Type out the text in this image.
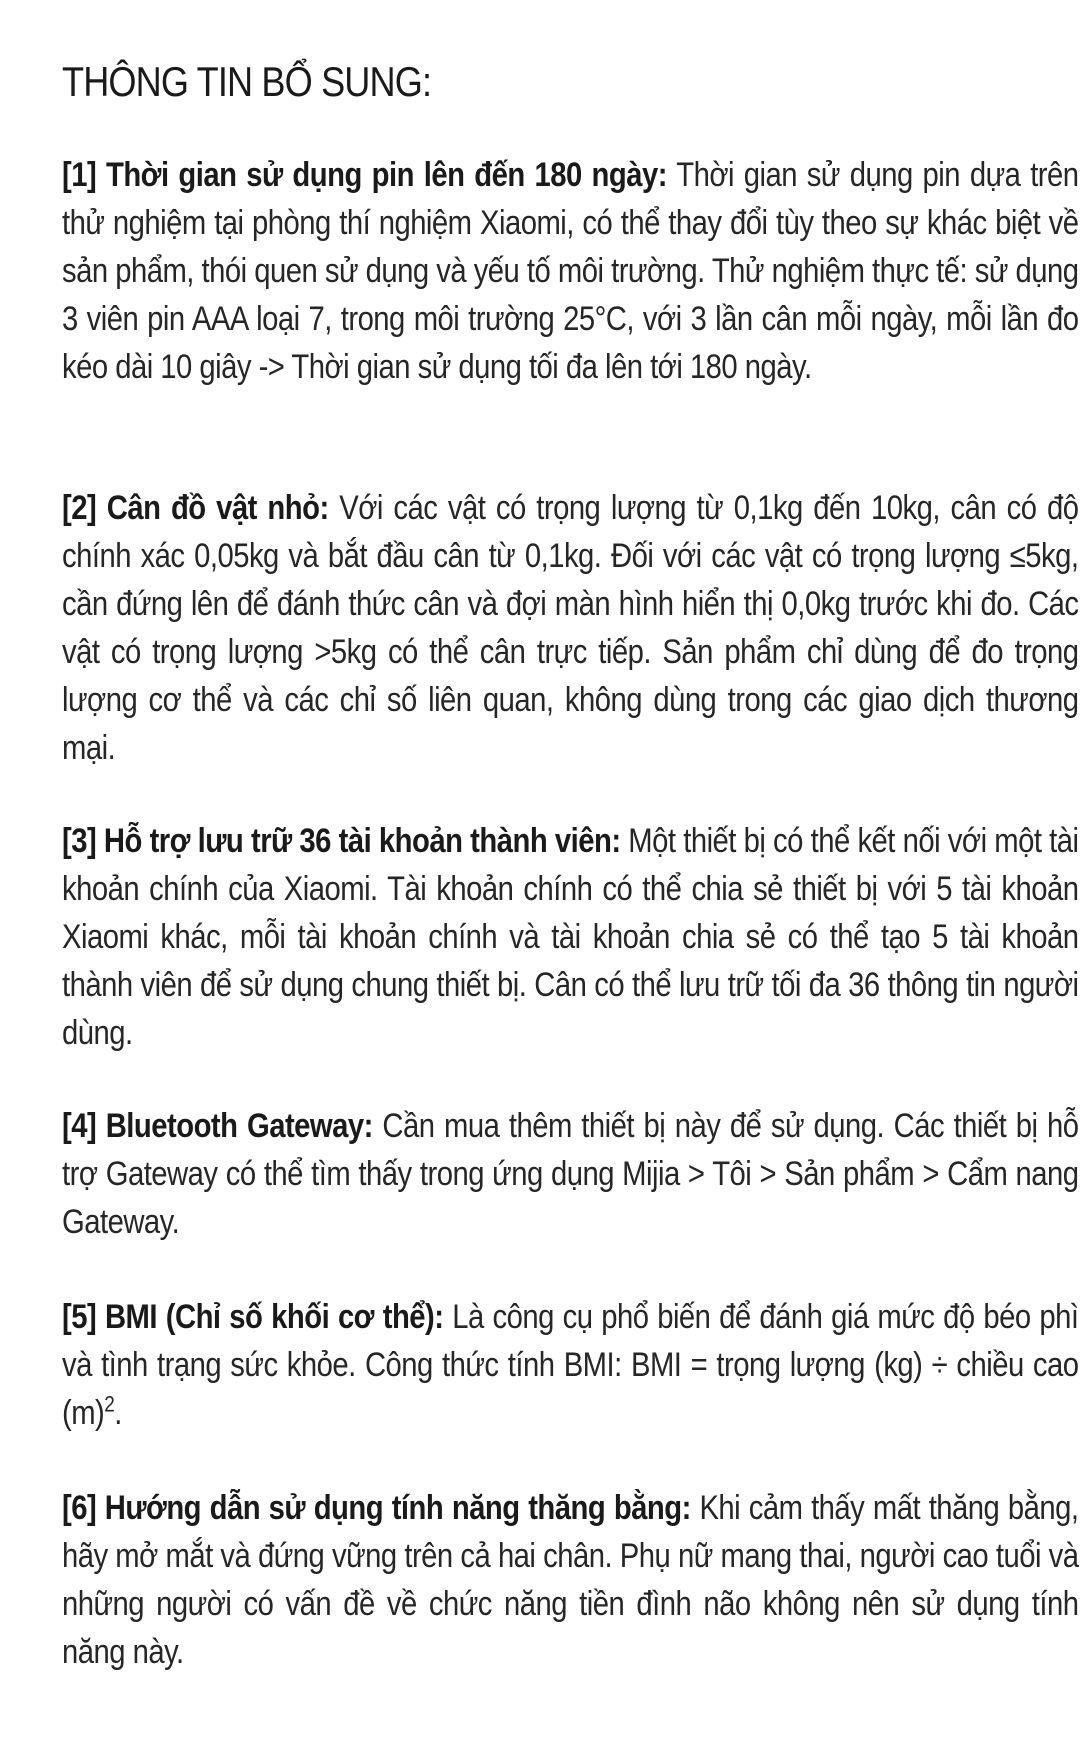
THÔNG TIN BỔ SUNG:

[1] Thời gian sử dụng pin lên đến 180 ngày: Thời gian sử dụng pin dựa trên thử nghiệm tại phòng thí nghiệm Xiaomi, có thể thay đổi tùy theo sự khác biệt về sản phẩm, thói quen sử dụng và yếu tố môi trường. Thử nghiệm thực tế: sử dụng 3 viên pin AAA loại 7, trong môi trường 25°C, với 3 lần cân mỗi ngày, mỗi lần đo kéo dài 10 giây -> Thời gian sử dụng tối đa lên tới 180 ngày.

[2] Cân đồ vật nhỏ: Với các vật có trọng lượng từ 0,1kg đến 10kg, cân có độ chính xác 0,05kg và bắt đầu cân từ 0,1kg. Đối với các vật có trọng lượng ≤5kg, cần đứng lên để đánh thức cân và đợi màn hình hiển thị 0,0kg trước khi đo. Các vật có trọng lượng >5kg có thể cân trực tiếp. Sản phẩm chỉ dùng để đo trọng lượng cơ thể và các chỉ số liên quan, không dùng trong các giao dịch thương mại.

[3] Hỗ trợ lưu trữ 36 tài khoản thành viên: Một thiết bị có thể kết nối với một tài khoản chính của Xiaomi. Tài khoản chính có thể chia sẻ thiết bị với 5 tài khoản Xiaomi khác, mỗi tài khoản chính và tài khoản chia sẻ có thể tạo 5 tài khoản thành viên để sử dụng chung thiết bị. Cân có thể lưu trữ tối đa 36 thông tin người dùng.

[4] Bluetooth Gateway: Cần mua thêm thiết bị này để sử dụng. Các thiết bị hỗ trợ Gateway có thể tìm thấy trong ứng dụng Mijia > Tôi > Sản phẩm > Cẩm nang Gateway.

[5] BMI (Chỉ số khối cơ thể): Là công cụ phổ biến để đánh giá mức độ béo phì và tình trạng sức khỏe. Công thức tính BMI: BMI = trọng lượng (kg) ÷ chiều cao $(m)^2$.

[6] Hướng dẫn sử dụng tính năng thăng bằng: Khi cảm thấy mất thăng bằng, hãy mở mắt và đứng vững trên cả hai chân. Phụ nữ mang thai, người cao tuổi và những người có vấn đề về chức năng tiền đình não không nên sử dụng tính năng này.
